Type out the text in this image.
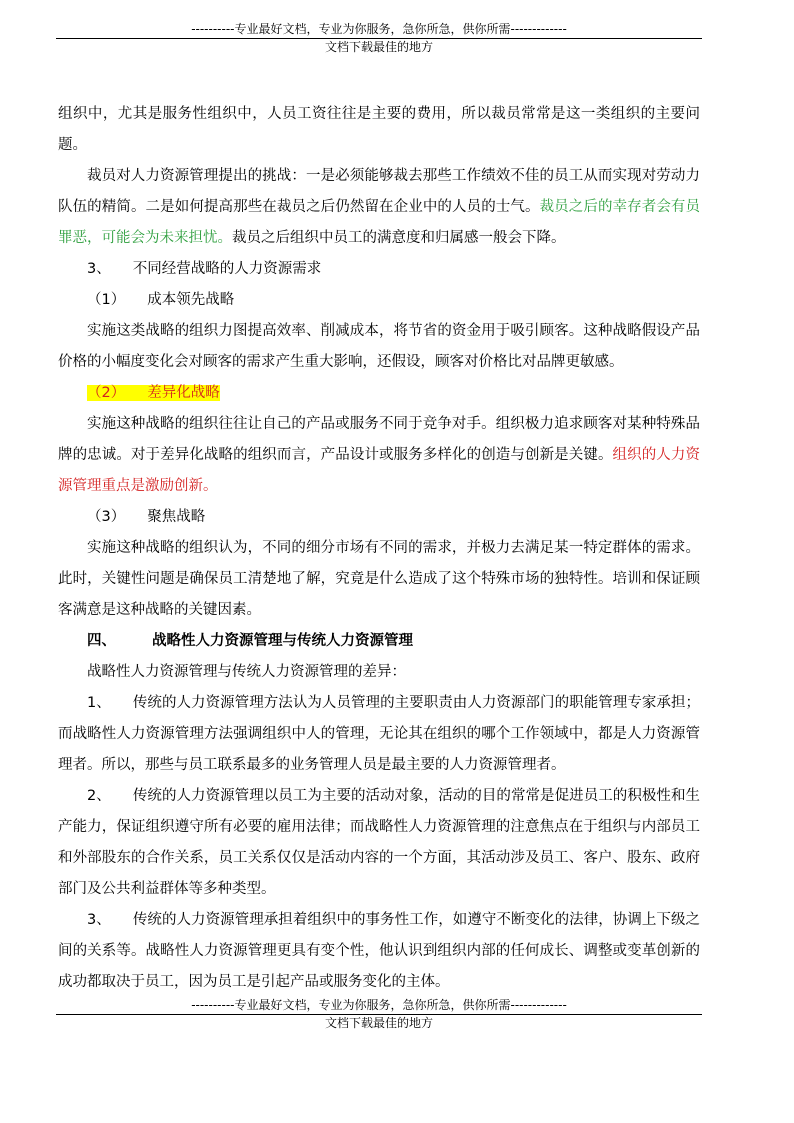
----------专业最好文档，专业为你服务，急你所急，供你所需-------------
文档下载最佳的地方

组织中，尤其是服务性组织中，人员工资往往是主要的费用，所以裁员常常是这一类组织的主要问题。

裁员对人力资源管理提出的挑战：一是必须能够裁去那些工作绩效不佳的员工从而实现对劳动力队伍的精简。二是如何提高那些在裁员之后仍然留在企业中的人员的士气。裁员之后的幸存者会有员罪恶，可能会为未来担忧。裁员之后组织中员工的满意度和归属感一般会下降。

3、 不同经营战略的人力资源需求

（1） 成本领先战略

实施这类战略的组织力图提高效率、削减成本，将节省的资金用于吸引顾客。这种战略假设产品价格的小幅度变化会对顾客的需求产生重大影响，还假设，顾客对价格比对品牌更敏感。

（2） 差异化战略

实施这种战略的组织往往让自己的产品或服务不同于竞争对手。组织极力追求顾客对某种特殊品牌的忠诚。对于差异化战略的组织而言，产品设计或服务多样化的创造与创新是关键。组织的人力资源管理重点是激励创新。

（3） 聚焦战略

实施这种战略的组织认为，不同的细分市场有不同的需求，并极力去满足某一特定群体的需求。此时，关键性问题是确保员工清楚地了解，究竟是什么造成了这个特殊市场的独特性。培训和保证顾客满意是这种战略的关键因素。

四、 战略性人力资源管理与传统人力资源管理

战略性人力资源管理与传统人力资源管理的差异：

1、 传统的人力资源管理方法认为人员管理的主要职责由人力资源部门的职能管理专家承担；而战略性人力资源管理方法强调组织中人的管理，无论其在组织的哪个工作领域中，都是人力资源管理者。所以，那些与员工联系最多的业务管理人员是最主要的人力资源管理者。

2、 传统的人力资源管理以员工为主要的活动对象，活动的目的常常是促进员工的积极性和生产能力，保证组织遵守所有必要的雇用法律；而战略性人力资源管理的注意焦点在于组织与内部员工和外部股东的合作关系，员工关系仅仅是活动内容的一个方面，其活动涉及员工、客户、股东、政府部门及公共利益群体等多种类型。

3、 传统的人力资源管理承担着组织中的事务性工作，如遵守不断变化的法律，协调上下级之间的关系等。战略性人力资源管理更具有变个性，他认识到组织内部的任何成长、调整或变革创新的成功都取决于员工，因为员工是引起产品或服务变化的主体。

----------专业最好文档，专业为你服务，急你所急，供你所需-------------
文档下载最佳的地方
